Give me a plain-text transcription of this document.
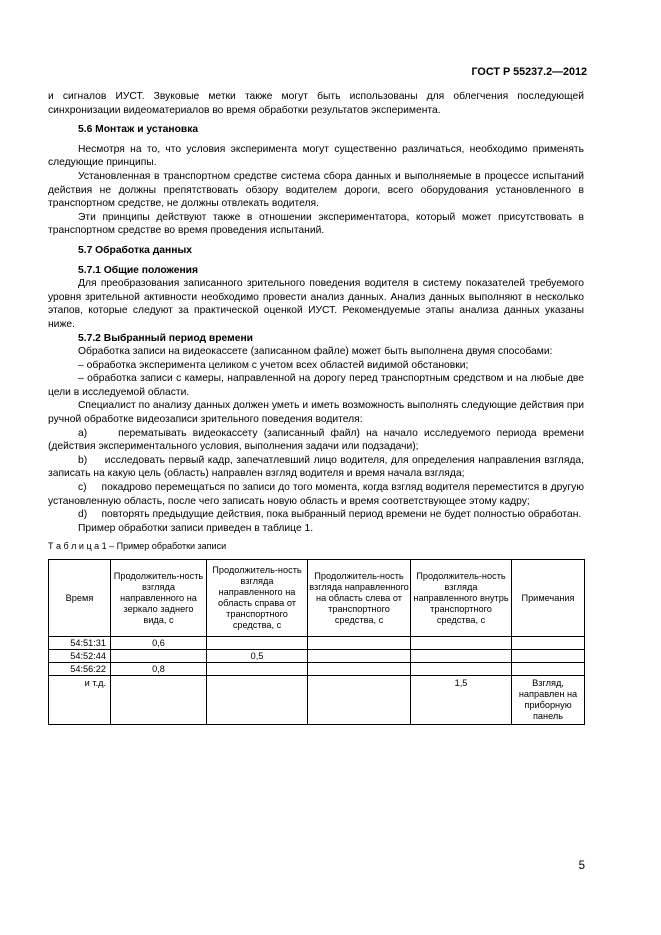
ГОСТ Р 55237.2—2012

и сигналов ИУСТ. Звуковые метки также могут быть использованы для облегчения последующей синхронизации видеоматериалов во время обработки результатов эксперимента.

5.6 Монтаж и установка

Несмотря на то, что условия эксперимента могут существенно различаться, необходимо применять следующие принципы.

Установленная в транспортном средстве система сбора данных и выполняемые в процессе испытаний действия не должны препятствовать обзору водителем дороги, всего оборудования установленного в транспортном средстве, не должны отвлекать водителя.

Эти принципы действуют также в отношении экспериментатора, который может присутствовать в транспортном средстве во время проведения испытаний.

5.7 Обработка данных

5.7.1 Общие положения

Для преобразования записанного зрительного поведения водителя в систему показателей требуемого уровня зрительной активности необходимо провести анализ данных. Анализ данных выполняют в несколько этапов, которые следуют за практической оценкой ИУСТ. Рекомендуемые этапы анализа данных указаны ниже.

5.7.2 Выбранный период времени

Обработка записи на видеокассете (записанном файле) может быть выполнена двумя способами:

– обработка эксперимента целиком с учетом всех областей видимой обстановки;

– обработка записи с камеры, направленной на дорогу перед транспортным средством и на любые две цели в исследуемой области.

Специалист по анализу данных должен уметь и иметь возможность выполнять следующие действия при ручной обработке видеозаписи зрительного поведения водителя:

a)     перематывать видеокассету (записанный файл) на начало исследуемого периода времени (действия экспериментального условия, выполнения задачи или подзадачи);

b)     исследовать первый кадр, запечатлевший лицо водителя, для определения направления взгляда, записать на какую цель (область) направлен взгляд водителя и время начала взгляда;

c)     покадрово перемещаться по записи до того момента, когда взгляд водителя переместится в другую установленную область, после чего записать новую область и время соответствующее этому кадру;

d)     повторять предыдущие действия, пока выбранный период времени не будет полностью обработан.

Пример обработки записи приведен в таблице 1.

Т а б л и ц а 1 – Пример обработки записи

Время	Продолжитель-ность взгляда направленного на зеркало заднего вида, с	Продолжитель-ность взгляда направленного на область справа от транспортного средства, с	Продолжитель-ность взгляда направленного на область слева от транспортного средства, с	Продолжитель-ность взгляда направленного внутрь транспортного средства, с	Примечания
54:51:31	0,6				
54:52:44		0,5			
54:56:22	0,8				
и т.д.				1,5	Взгляд, направлен на приборную панель
5
